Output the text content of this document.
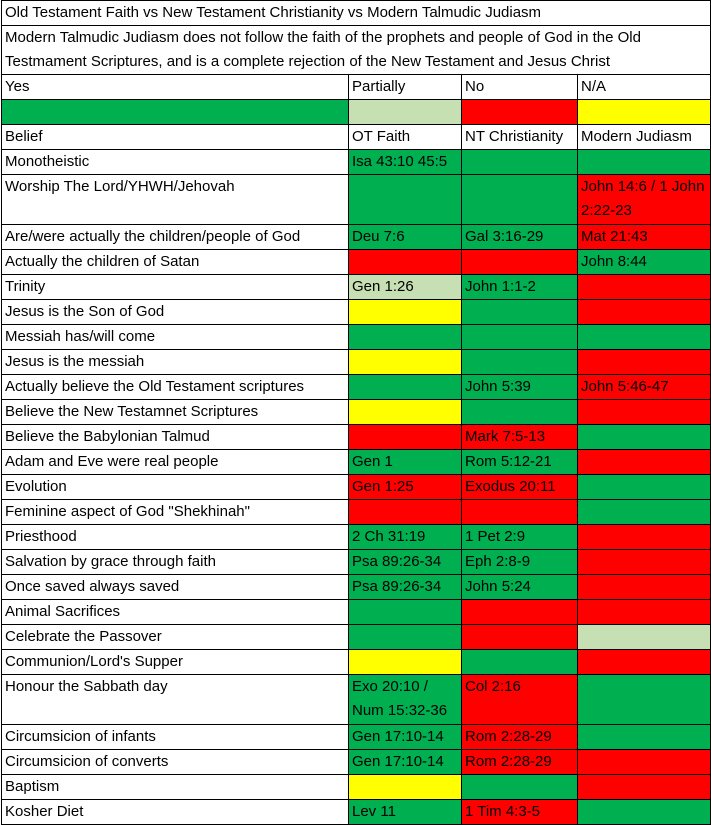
Old Testament Faith vs New Testament Christianity vs Modern Talmudic Judiasm			
Modern Talmudic Judiasm does not follow the faith of the prophets and people of God in the Old Testmament Scriptures, and is a complete rejection of the New Testament and Jesus Christ			
Yes	Partially	No	N/A

Belief	OT Faith	NT Christianity	Modern Judiasm
Monotheistic	Isa 43:10 45:5		
Worship The Lord/YHWH/Jehovah			John 14:6 / 1 John 2:22-23
Are/were actually the children/people of God	Deu 7:6	Gal 3:16-29	Mat 21:43
Actually the children of Satan			John 8:44
Trinity	Gen 1:26	John 1:1-2	
Jesus is the Son of God			
Messiah has/will come			
Jesus is the messiah			
Actually believe the Old Testament scriptures		John 5:39	John 5:46-47
Believe the New Testamnet Scriptures			
Believe the Babylonian Talmud		Mark 7:5-13	
Adam and Eve were real people	Gen 1	Rom 5:12-21	
Evolution	Gen 1:25	Exodus 20:11	
Feminine aspect of God "Shekhinah"			
Priesthood	2 Ch 31:19	1 Pet 2:9	
Salvation by grace through faith	Psa 89:26-34	Eph 2:8-9	
Once saved always saved	Psa 89:26-34	John 5:24	
Animal Sacrifices			
Celebrate the Passover			
Communion/Lord's Supper			
Honour the Sabbath day	Exo 20:10 / Num 15:32-36	Col 2:16	
Circumsicion of infants	Gen 17:10-14	Rom 2:28-29	
Circumsicion of converts	Gen 17:10-14	Rom 2:28-29	
Baptism			
Kosher Diet	Lev 11	1 Tim 4:3-5	
